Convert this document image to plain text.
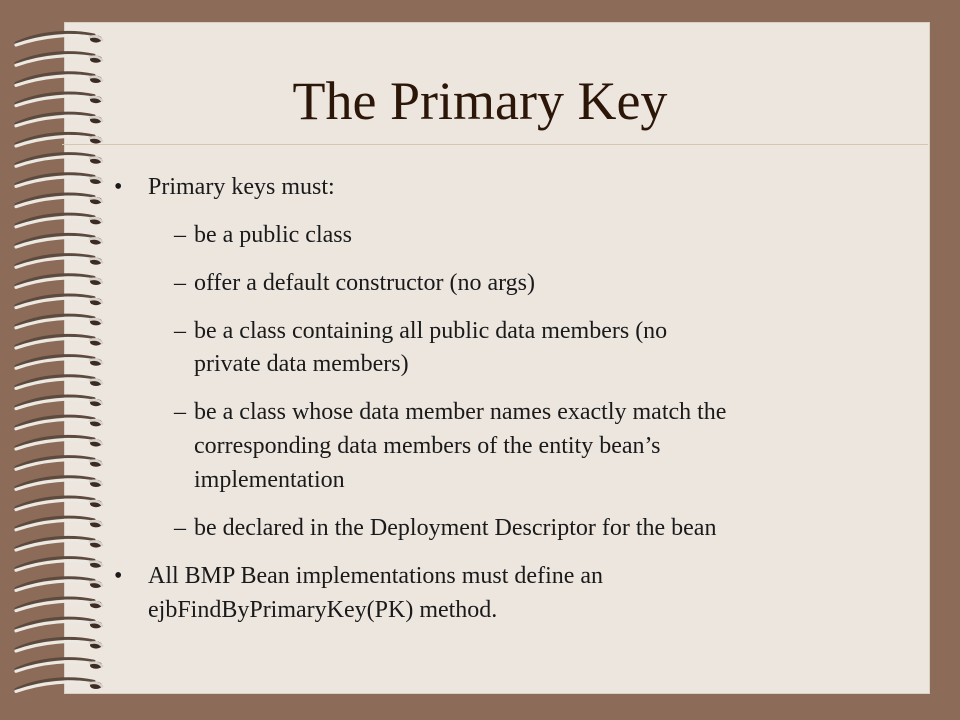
The Primary Key
• Primary keys must:
– be a public class
– offer a default constructor (no args)
– be a class containing all public data members (no
private data members)
– be a class whose data member names exactly match the
corresponding data members of the entity bean’s
implementation
– be declared in the Deployment Descriptor for the bean
• All BMP Bean implementations must define an
ejbFindByPrimaryKey(PK) method.
